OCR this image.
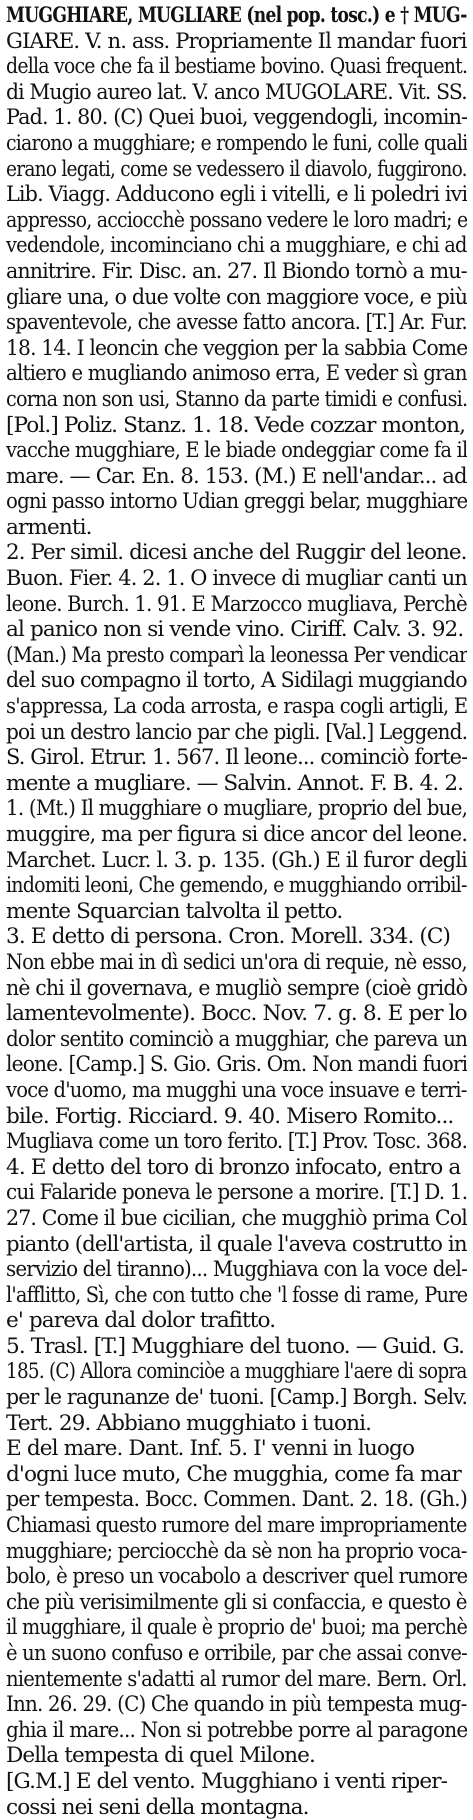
MUGGHIARE, MUGLIARE (nel pop. tosc.) e † MUG-
GIARE. V. n. ass. Propriamente Il mandar fuori
della voce che fa il bestiame bovino. Quasi frequent.
di Mugio aureo lat. V. anco MUGOLARE. Vit. SS.
Pad. 1. 80. (C) Quei buoi, veggendogli, incomin-
ciarono a mugghiare; e rompendo le funi, colle quali
erano legati, come se vedessero il diavolo, fuggirono.
Lib. Viagg. Adducono egli i vitelli, e li poledri ivi
appresso, acciocchè possano vedere le loro madri; e
vedendole, incominciano chi a mugghiare, e chi ad
annitrire. Fir. Disc. an. 27. Il Biondo tornò a mu-
gliare una, o due volte con maggiore voce, e più
spaventevole, che avesse fatto ancora. [T.] Ar. Fur.
18. 14. I leoncin che veggion per la sabbia Come
altiero e mugliando animoso erra, E veder sì gran
corna non son usi, Stanno da parte timidi e confusi.
[Pol.] Poliz. Stanz. 1. 18. Vede cozzar monton,
vacche mugghiare, E le biade ondeggiar come fa il
mare. — Car. En. 8. 153. (M.) E nell'andar... ad
ogni passo intorno Udian greggi belar, mugghiare
armenti.
2. Per simil. dicesi anche del Ruggir del leone.
Buon. Fier. 4. 2. 1. O invece di mugliar canti un
leone. Burch. 1. 91. E Marzocco mugliava, Perchè
al panico non si vende vino. Ciriff. Calv. 3. 92.
(Man.) Ma presto comparì la leonessa Per vendicar
del suo compagno il torto, A Sidilagi muggiando
s'appressa, La coda arrosta, e raspa cogli artigli, E
poi un destro lancio par che pigli. [Val.] Leggend.
S. Girol. Etrur. 1. 567. Il leone... cominciò forte-
mente a mugliare. — Salvin. Annot. F. B. 4. 2.
1. (Mt.) Il mugghiare o mugliare, proprio del bue,
muggire, ma per figura si dice ancor del leone.
Marchet. Lucr. l. 3. p. 135. (Gh.) E il furor degli
indomiti leoni, Che gemendo, e mugghiando orribil-
mente Squarcian talvolta il petto.
3. E detto di persona. Cron. Morell. 334. (C)
Non ebbe mai in dì sedici un'ora di requie, nè esso,
nè chi il governava, e mugliò sempre (cioè gridò
lamentevolmente). Bocc. Nov. 7. g. 8. E per lo
dolor sentito cominciò a mugghiar, che pareva un
leone. [Camp.] S. Gio. Gris. Om. Non mandi fuori
voce d'uomo, ma mugghi una voce insuave e terri-
bile. Fortig. Ricciard. 9. 40. Misero Romito...
Mugliava come un toro ferito. [T.] Prov. Tosc. 368.
4. E detto del toro di bronzo infocato, entro a
cui Falaride poneva le persone a morire. [T.] D. 1.
27. Come il bue cicilian, che mugghiò prima Col
pianto (dell'artista, il quale l'aveva costrutto in
servizio del tiranno)... Mugghiava con la voce del-
l'afflitto, Sì, che con tutto che 'l fosse di rame, Pure
e' pareva dal dolor trafitto.
5. Trasl. [T.] Mugghiare del tuono. — Guid. G.
185. (C) Allora cominciòe a mugghiare l'aere di sopra
per le ragunanze de' tuoni. [Camp.] Borgh. Selv.
Tert. 29. Abbiano mugghiato i tuoni.
E del mare. Dant. Inf. 5. I' venni in luogo
d'ogni luce muto, Che mugghia, come fa mar
per tempesta. Bocc. Commen. Dant. 2. 18. (Gh.)
Chiamasi questo rumore del mare impropriamente
mugghiare; perciocchè da sè non ha proprio voca-
bolo, è preso un vocabolo a descriver quel rumore
che più verisimilmente gli si confaccia, e questo è
il mugghiare, il quale è proprio de' buoi; ma perchè
è un suono confuso e orribile, par che assai conve-
nientemente s'adatti al rumor del mare. Bern. Orl.
Inn. 26. 29. (C) Che quando in più tempesta mug-
ghia il mare... Non si potrebbe porre al paragone
Della tempesta di quel Milone.
[G.M.] E del vento. Mugghiano i venti riper-
cossi nei seni della montagna.
